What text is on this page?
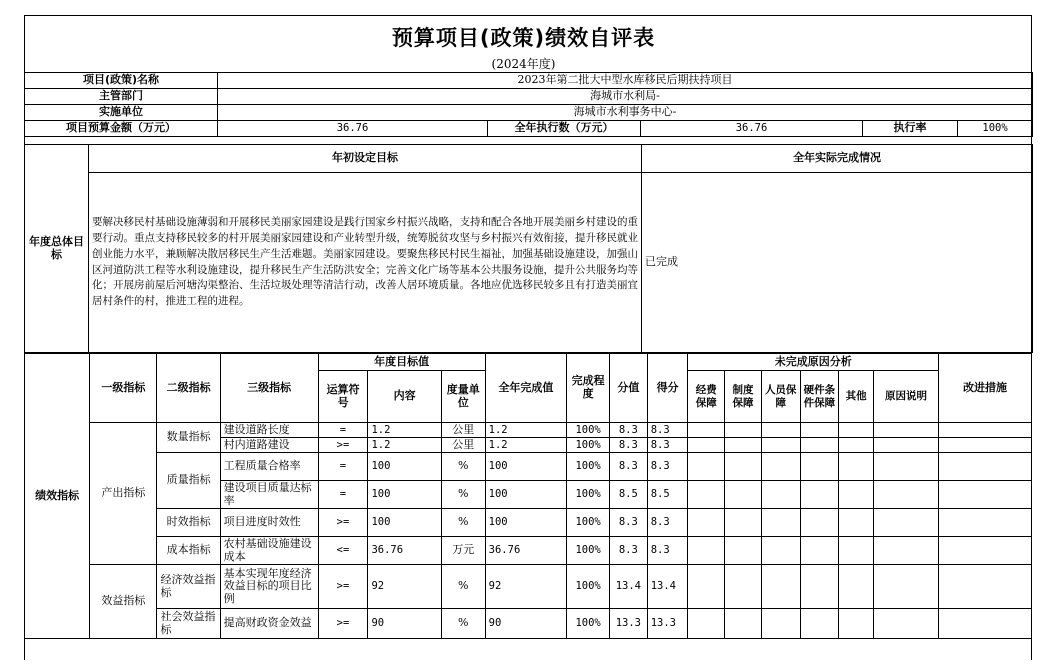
预算项目(政策)绩效自评表
(2024年度)
项目(政策)名称	2023年第二批大中型水库移民后期扶持项目				
主管部门	海城市水利局-				
实施单位	海城市水利事务中心-				
项目预算金额（万元）	36.76	全年执行数（万元）	36.76	执行率	100%
年度总体目标	年初设定目标	全年实际完成情况
	要解决移民村基础设施薄弱和开展移民美丽家园建设是践行国家乡村振兴战略，支持和配合各地开展美丽乡村建设的重要行动。重点支持移民较多的村开展美丽家园建设和产业转型升级，统筹脱贫攻坚与乡村振兴有效衔接，提升移民就业创业能力水平，兼顾解决散居移民生产生活难题。美丽家园建设。要聚焦移民村民生福祉，加强基础设施建设，加强山区河道防洪工程等水利设施建设，提升移民生产生活防洪安全；完善文化广场等基本公共服务设施，提升公共服务均等化；开展房前屋后河塘沟渠整治、生活垃圾处理等清洁行动，改善人居环境质量。各地应优选移民较多且有打造美丽宜居村条件的村，推进工程的进程。	已完成
绩效指标	一级指标	二级指标	三级指标	年度目标值			全年完成值	完成程度	分值	得分	未完成原因分析						改进措施
				运算符号	内容	度量单位					经费保障	制度保障	人员保障	硬件条件保障	其他	原因说明	
	产出指标	数量指标	建设道路长度	=	1.2	公里	1.2	100%	8.3	8.3							
			村内道路建设	>=	1.2	公里	1.2	100%	8.3	8.3							
		质量指标	工程质量合格率	=	100	%	100	100%	8.3	8.3							
			建设项目质量达标率	=	100	%	100	100%	8.5	8.5							
		时效指标	项目进度时效性	>=	100	%	100	100%	8.3	8.3							
		成本指标	农村基础设施建设成本	<=	36.76	万元	36.76	100%	8.3	8.3							
	效益指标	经济效益指标	基本实现年度经济效益目标的项目比例	>=	92	%	92	100%	13.4	13.4							
		社会效益指标	提高财政资金效益	>=	90	%	90	100%	13.3	13.3							
